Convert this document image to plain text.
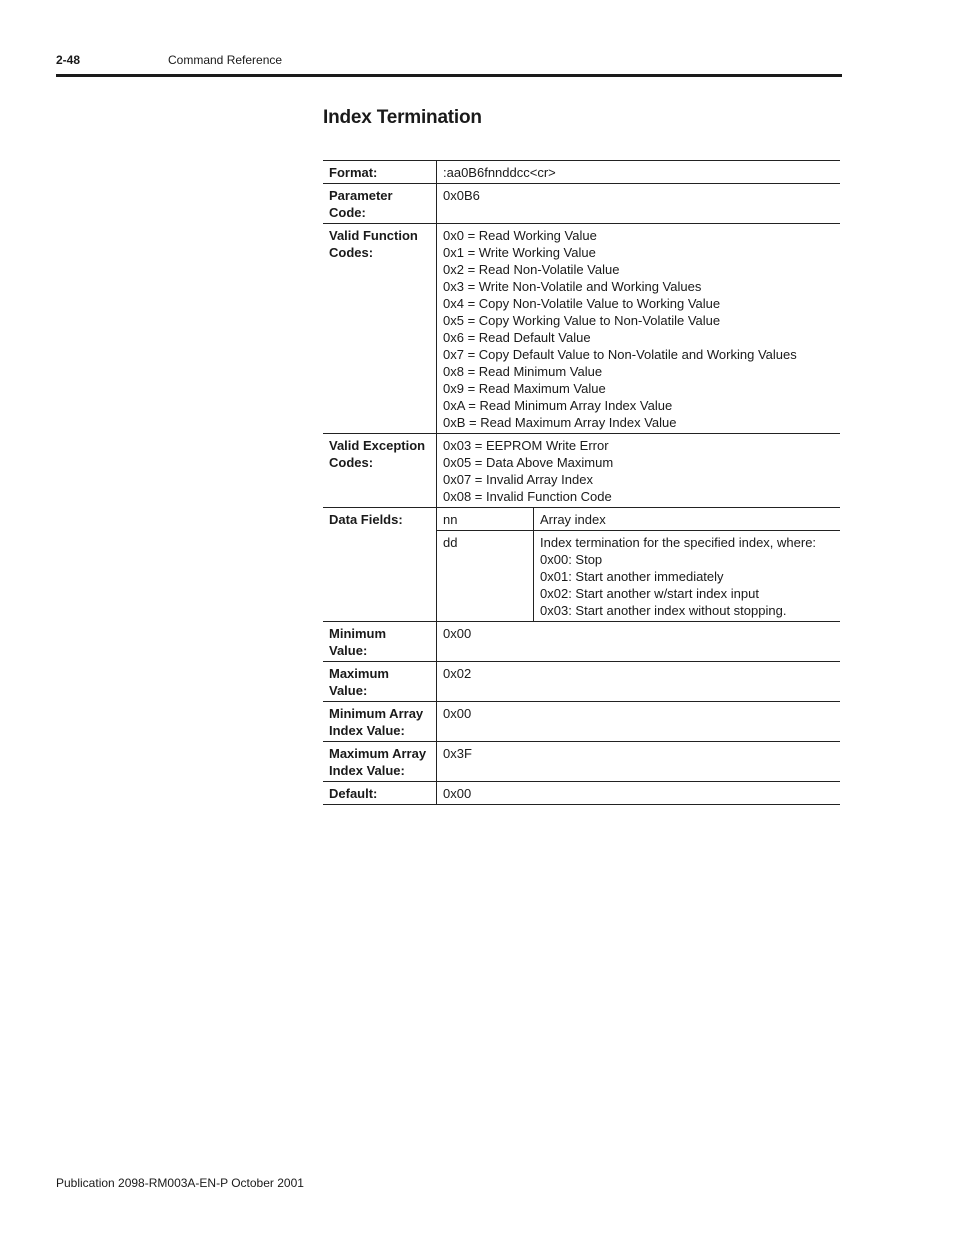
2-48	Command Reference
Index Termination
Format:	:aa0B6fnnddcc<cr>

Parameter
Code:
	0x0B6

Valid Function
Codes:

0x0 = Read Working Value
0x1 = Write Working Value
0x2 = Read Non-Volatile Value
0x3 = Write Non-Volatile and Working Values
0x4 = Copy Non-Volatile Value to Working Value
0x5 = Copy Working Value to Non-Volatile Value
0x6 = Read Default Value
0x7 = Copy Default Value to Non-Volatile and Working Values
0x8 = Read Minimum Value
0x9 = Read Maximum Value
0xA = Read Minimum Array Index Value
0xB = Read Maximum Array Index Value

Valid Exception
Codes:

0x03 = EEPROM Write Error
0x05 = Data Above Maximum
0x07 = Invalid Array Index
0x08 = Invalid Function Code

Data Fields:		nn	Array index

dd	Index termination for the specified index, where:
0x00: Stop
0x01: Start another immediately
0x02: Start another w/start index input
0x03: Start another index without stopping.

Minimum
Value:
	0x00

Maximum
Value:
	0x02

Minimum Array
Index Value:
	0x00

Maximum Array
Index Value:
	0x3F
Default:	0x00
Publication 2098-RM003A-EN-P October 2001
